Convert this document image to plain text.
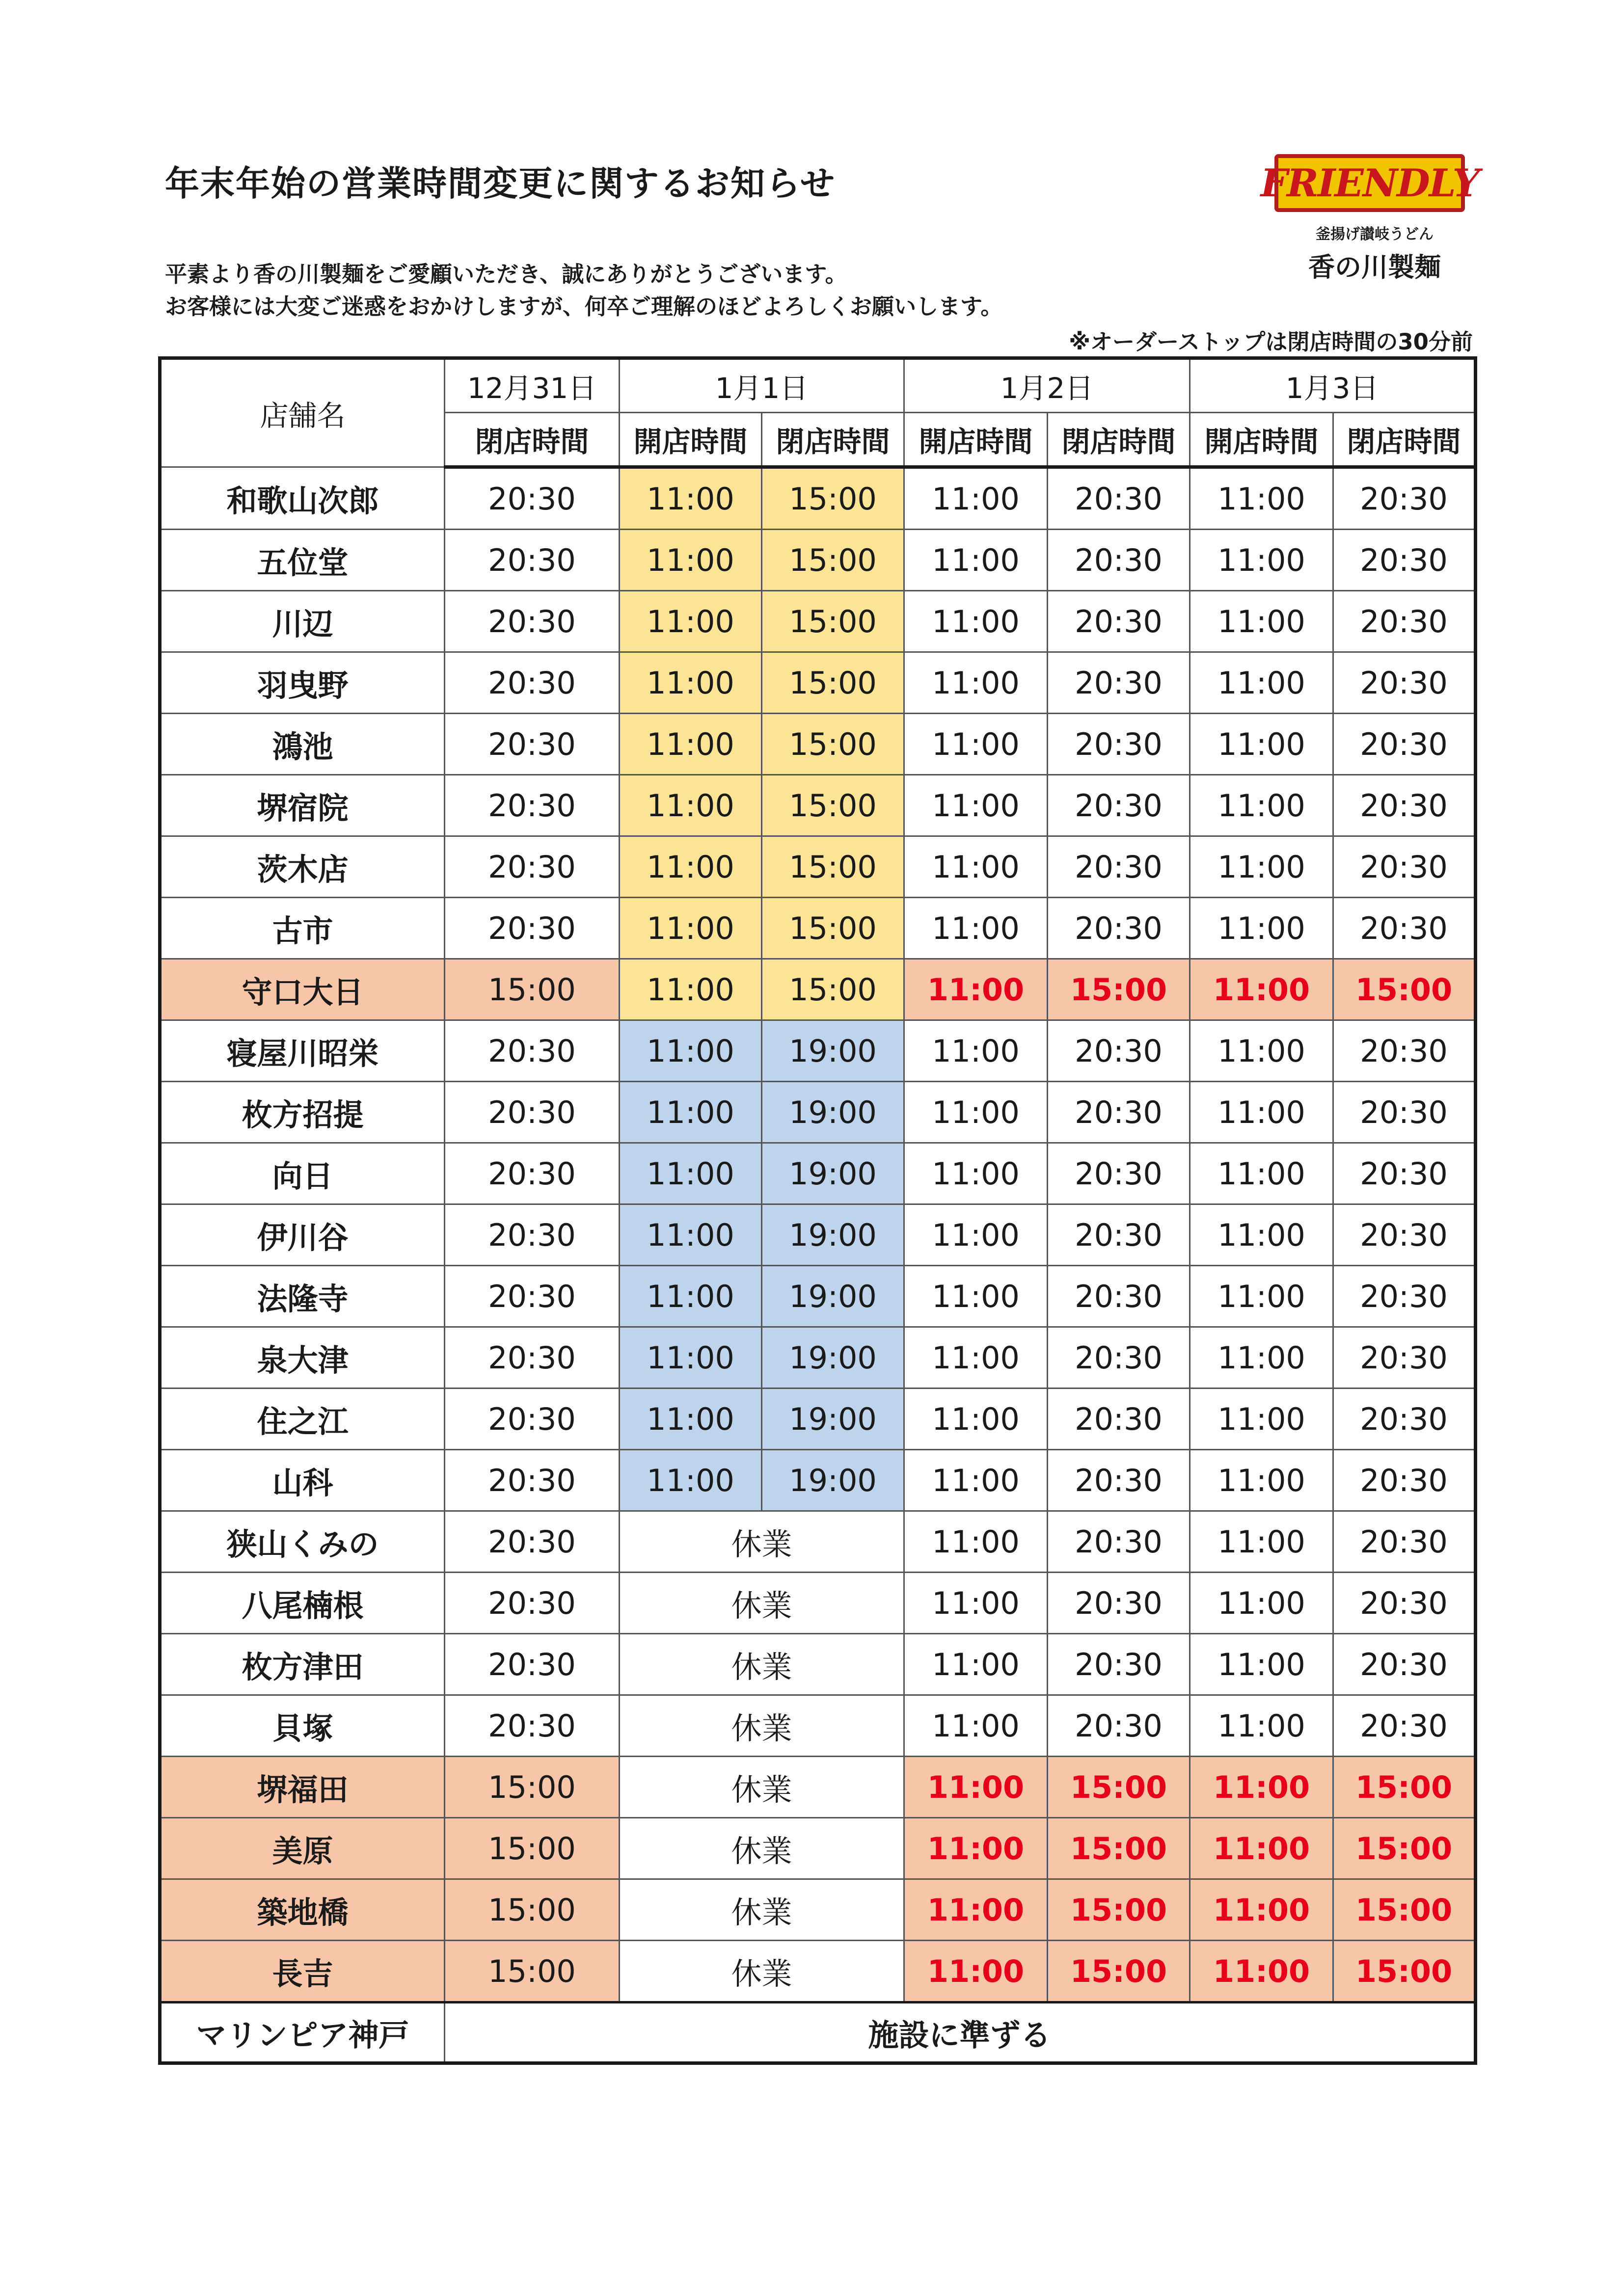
年末年始の営業時間変更に関するお知らせ	FRIENDLY
釜揚げ讃岐うどん
香の川製麺
平素より香の川製麺をご愛顧いただき、誠にありがとうございます。
お客様には大変ご迷惑をおかけしますが、何卒ご理解のほどよろしくお願いします。
※オーダーストップは閉店時間の30分前
店舗名	12月31日	1月1日		1月2日		1月3日	
	閉店時間	開店時間	閉店時間	開店時間	閉店時間	開店時間	閉店時間
和歌山次郎	20:30	11:00	15:00	11:00	20:30	11:00	20:30
五位堂	20:30	11:00	15:00	11:00	20:30	11:00	20:30
川辺	20:30	11:00	15:00	11:00	20:30	11:00	20:30
羽曳野	20:30	11:00	15:00	11:00	20:30	11:00	20:30
鴻池	20:30	11:00	15:00	11:00	20:30	11:00	20:30
堺宿院	20:30	11:00	15:00	11:00	20:30	11:00	20:30
茨木店	20:30	11:00	15:00	11:00	20:30	11:00	20:30
古市	20:30	11:00	15:00	11:00	20:30	11:00	20:30
守口大日	15:00	11:00	15:00	11:00	15:00	11:00	15:00
寝屋川昭栄	20:30	11:00	19:00	11:00	20:30	11:00	20:30
枚方招提	20:30	11:00	19:00	11:00	20:30	11:00	20:30
向日	20:30	11:00	19:00	11:00	20:30	11:00	20:30
伊川谷	20:30	11:00	19:00	11:00	20:30	11:00	20:30
法隆寺	20:30	11:00	19:00	11:00	20:30	11:00	20:30
泉大津	20:30	11:00	19:00	11:00	20:30	11:00	20:30
住之江	20:30	11:00	19:00	11:00	20:30	11:00	20:30
山科	20:30	11:00	19:00	11:00	20:30	11:00	20:30
狭山くみの	20:30	休業		11:00	20:30	11:00	20:30
八尾楠根	20:30	休業		11:00	20:30	11:00	20:30
枚方津田	20:30	休業		11:00	20:30	11:00	20:30
貝塚	20:30	休業		11:00	20:30	11:00	20:30
堺福田	15:00	休業		11:00	15:00	11:00	15:00
美原	15:00	休業		11:00	15:00	11:00	15:00
築地橋	15:00	休業		11:00	15:00	11:00	15:00
長吉	15:00	休業		11:00	15:00	11:00	15:00
マリンピア神戸	施設に準ずる						
